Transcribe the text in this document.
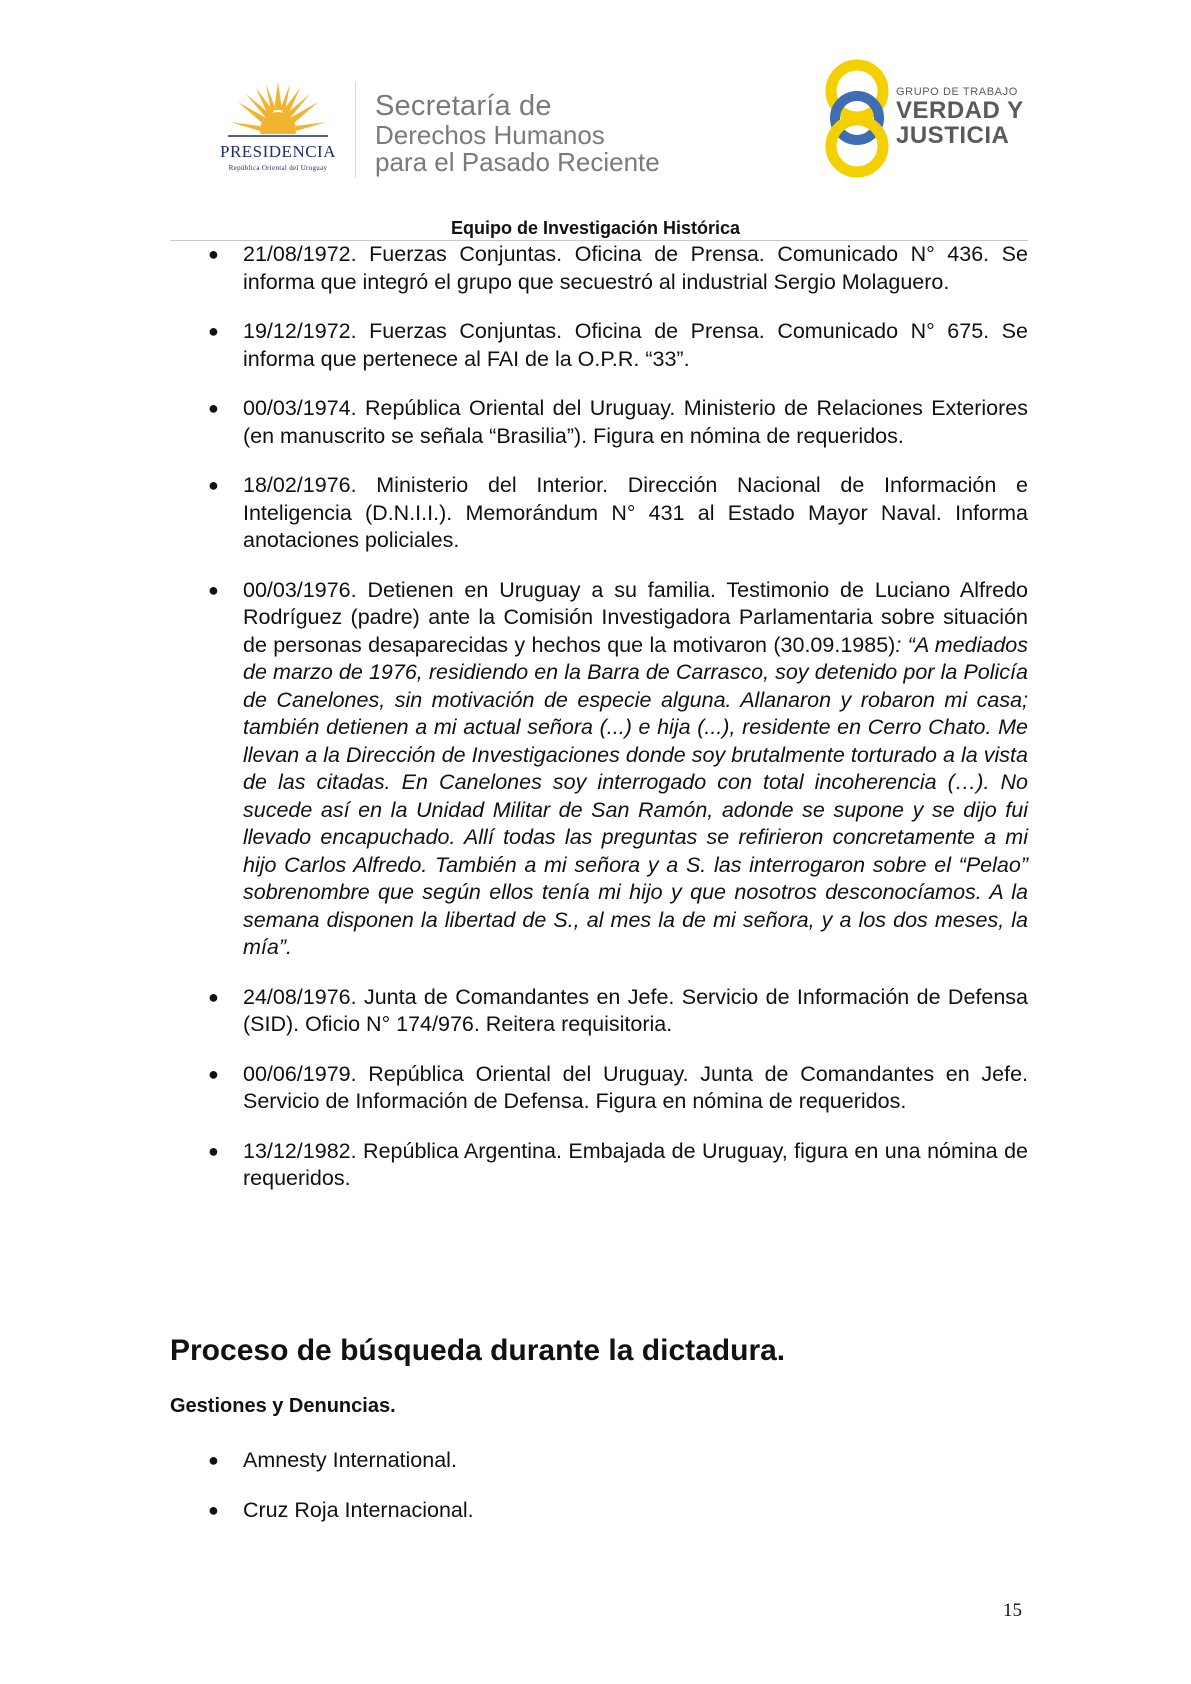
PRESIDENCIA
República Oriental del Uruguay
Secretaría de
Derechos Humanos
para el Pasado Reciente
GRUPO DE TRABAJO
VERDAD Y
JUSTICIA
Equipo de Investigación Histórica
● 21/08/1972. Fuerzas Conjuntas. Oficina de Prensa. Comunicado N° 436. Se informa que integró el grupo que secuestró al industrial Sergio Molaguero.
● 19/12/1972. Fuerzas Conjuntas. Oficina de Prensa. Comunicado N° 675. Se informa que pertenece al FAI de la O.P.R. “33”.
● 00/03/1974. República Oriental del Uruguay. Ministerio de Relaciones Exteriores (en manuscrito se señala “Brasilia”). Figura en nómina de requeridos.
● 18/02/1976. Ministerio del Interior. Dirección Nacional de Información e Inteligencia (D.N.I.I.). Memorándum N° 431 al Estado Mayor Naval. Informa anotaciones policiales.
● 00/03/1976. Detienen en Uruguay a su familia. Testimonio de Luciano Alfredo Rodríguez (padre) ante la Comisión Investigadora Parlamentaria sobre situación de personas desaparecidas y hechos que la motivaron (30.09.1985): “A mediados de marzo de 1976, residiendo en la Barra de Carrasco, soy detenido por la Policía de Canelones, sin motivación de especie alguna. Allanaron y robaron mi casa; también detienen a mi actual señora (...) e hija (...), residente en Cerro Chato. Me llevan a la Dirección de Investigaciones donde soy brutalmente torturado a la vista de las citadas. En Canelones soy interrogado con total incoherencia (…). No sucede así en la Unidad Militar de San Ramón, adonde se supone y se dijo fui llevado encapuchado. Allí todas las preguntas se refirieron concretamente a mi hijo Carlos Alfredo. También a mi señora y a S. las interrogaron sobre el “Pelao” sobrenombre que según ellos tenía mi hijo y que nosotros desconocíamos. A la semana disponen la libertad de S., al mes la de mi señora, y a los dos meses, la mía”.
● 24/08/1976. Junta de Comandantes en Jefe. Servicio de Información de Defensa (SID). Oficio N° 174/976. Reitera requisitoria.
● 00/06/1979. República Oriental del Uruguay. Junta de Comandantes en Jefe. Servicio de Información de Defensa. Figura en nómina de requeridos.
● 13/12/1982. República Argentina. Embajada de Uruguay, figura en una nómina de requeridos.
Proceso de búsqueda durante la dictadura.
Gestiones y Denuncias.
● Amnesty International.
● Cruz Roja Internacional.
15
